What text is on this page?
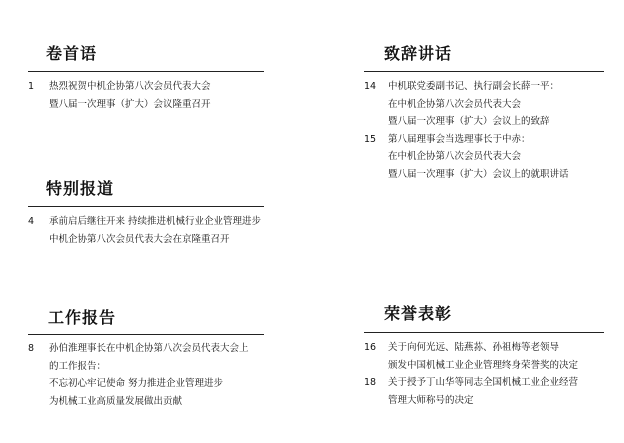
卷首语
1 热烈祝贺中机企协第八次会员代表大会
暨八届一次理事（扩大）会议隆重召开
特别报道
4 承前启后继往开来 持续推进机械行业企业管理进步
中机企协第八次会员代表大会在京隆重召开
工作报告
8 孙伯淮理事长在中机企协第八次会员代表大会上
的工作报告：
不忘初心牢记使命 努力推进企业管理进步
为机械工业高质量发展做出贡献
致辞讲话
14 中机联党委副书记、执行副会长薛一平：
在中机企协第八次会员代表大会
暨八届一次理事（扩大）会议上的致辞
15 第八届理事会当选理事长于中赤：
在中机企协第八次会员代表大会
暨八届一次理事（扩大）会议上的就职讲话
荣誉表彰
16 关于向何光远、陆燕荪、孙祖梅等老领导
颁发中国机械工业企业管理终身荣誉奖的决定
18 关于授予丁山华等同志全国机械工业企业经营
管理大师称号的决定
